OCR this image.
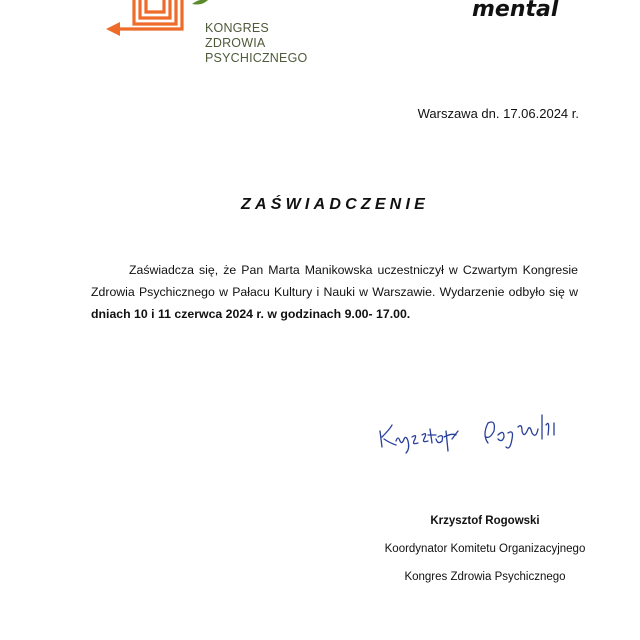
KONGRES
ZDROWIA
PSYCHICZNEGO
mental
Warszawa dn. 17.06.2024 r.
ZAŚWIADCZENIE

Zaświadcza się, że Pan Marta Manikowska uczestniczył w Czwartym Kongresie Zdrowia Psychicznego w Pałacu Kultury i Nauki w Warszawie. Wydarzenie odbyło się w dniach 10 i 11 czerwca 2024 r. w godzinach 9.00- 17.00.

Krzysztof Rogowski
Koordynator Komitetu Organizacyjnego
Kongres Zdrowia Psychicznego
